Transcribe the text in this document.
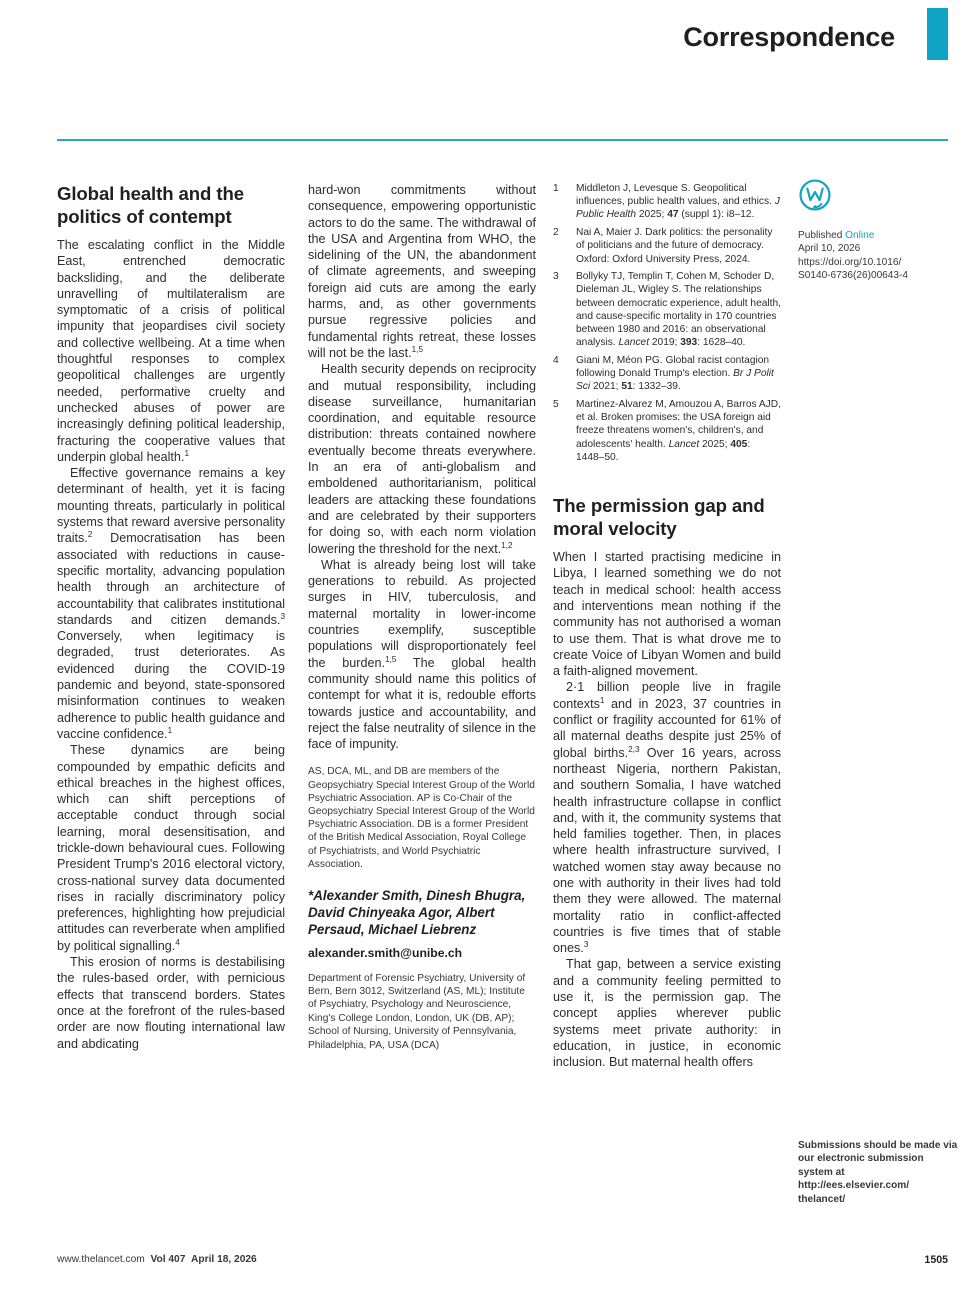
Correspondence
Global health and the politics of contempt

The escalating conflict in the Middle East, entrenched democratic backsliding, and the deliberate unravelling of multilateralism are symptomatic of a crisis of political impunity that jeopardises civil society and collective wellbeing. At a time when thoughtful responses to complex geopolitical challenges are urgently needed, performative cruelty and unchecked abuses of power are increasingly defining political leadership, fracturing the cooperative values that underpin global health.$^1$

Effective governance remains a key determinant of health, yet it is facing mounting threats, particularly in political systems that reward aversive personality traits.$^2$ Democratisation has been associated with reductions in cause-specific mortality, advancing population health through an architecture of accountability that calibrates institutional standards and citizen demands.$^3$ Conversely, when legitimacy is degraded, trust deteriorates. As evidenced during the COVID-19 pandemic and beyond, state-sponsored misinformation continues to weaken adherence to public health guidance and vaccine confidence.$^1$

These dynamics are being compounded by empathic deficits and ethical breaches in the highest offices, which can shift perceptions of acceptable conduct through social learning, moral desensitisation, and trickle-down behavioural cues. Following President Trump's 2016 electoral victory, cross-national survey data documented rises in racially discriminatory policy preferences, highlighting how prejudicial attitudes can reverberate when amplified by political signalling.$^4$

This erosion of norms is destabilising the rules-based order, with pernicious effects that transcend borders. States once at the forefront of the rules-based order are now flouting international law and abdicating

hard-won commitments without consequence, empowering opportunistic actors to do the same. The withdrawal of the USA and Argentina from WHO, the sidelining of the UN, the abandonment of climate agreements, and sweeping foreign aid cuts are among the early harms, and, as other governments pursue regressive policies and fundamental rights retreat, these losses will not be the last.$^{1,5}$

Health security depends on reciprocity and mutual responsibility, including disease surveillance, humanitarian coordination, and equitable resource distribution: threats contained nowhere eventually become threats everywhere. In an era of anti-globalism and emboldened authoritarianism, political leaders are attacking these foundations and are celebrated by their supporters for doing so, with each norm violation lowering the threshold for the next.$^{1,2}$

What is already being lost will take generations to rebuild. As projected surges in HIV, tuberculosis, and maternal mortality in lower-income countries exemplify, susceptible populations will disproportionately feel the burden.$^{1,5}$ The global health community should name this politics of contempt for what it is, redouble efforts towards justice and accountability, and reject the false neutrality of silence in the face of impunity.

AS, DCA, ML, and DB are members of the Geopsychiatry Special Interest Group of the World Psychiatric Association. AP is Co-Chair of the Geopsychiatry Special Interest Group of the World Psychiatric Association. DB is a former President of the British Medical Association, Royal College of Psychiatrists, and World Psychiatric Association.

*Alexander Smith, Dinesh Bhugra, David Chinyeaka Agor, Albert Persaud, Michael Liebrenz

alexander.smith@unibe.ch

Department of Forensic Psychiatry, University of Bern, Bern 3012, Switzerland (AS, ML); Institute of Psychiatry, Psychology and Neuroscience, King's College London, London, UK (DB, AP); School of Nursing, University of Pennsylvania, Philadelphia, PA, USA (DCA)

1	Middleton J, Levesque S. Geopolitical influences, public health values, and ethics. J Public Health 2025; 47 (suppl 1): i8–12.
2	Nai A, Maier J. Dark politics: the personality of politicians and the future of democracy. Oxford: Oxford University Press, 2024.
3	Bollyky TJ, Templin T, Cohen M, Schoder D, Dieleman JL, Wigley S. The relationships between democratic experience, adult health, and cause-specific mortality in 170 countries between 1980 and 2016: an observational analysis. Lancet 2019; 393: 1628–40.
4	Giani M, Méon PG. Global racist contagion following Donald Trump's election. Br J Polit Sci 2021; 51: 1332–39.
5	Martinez-Alvarez M, Amouzou A, Barros AJD, et al. Broken promises: the USA foreign aid freeze threatens women's, children's, and adolescents' health. Lancet 2025; 405: 1448–50.
The permission gap and moral velocity

When I started practising medicine in Libya, I learned something we do not teach in medical school: health access and interventions mean nothing if the community has not authorised a woman to use them. That is what drove me to create Voice of Libyan Women and build a faith-aligned movement.

2·1 billion people live in fragile contexts$^1$ and in 2023, 37 countries in conflict or fragility accounted for 61% of all maternal deaths despite just 25% of global births.$^{2,3}$ Over 16 years, across northeast Nigeria, northern Pakistan, and southern Somalia, I have watched health infrastructure collapse in conflict and, with it, the community systems that held families together. Then, in places where health infrastructure survived, I watched women stay away because no one with authority in their lives had told them they were allowed. The maternal mortality ratio in conflict-affected countries is five times that of stable ones.$^3$

That gap, between a service existing and a community feeling permitted to use it, is the permission gap. The concept applies wherever public systems meet private authority: in education, in justice, in economic inclusion. But maternal health offers

Published Online
April 10, 2026
https://doi.org/10.1016/
S0140-6736(26)00643-4
Submissions should be made via our electronic submission system at http://ees.elsevier.com/ thelancet/
www.thelancet.com Vol 407 April 18, 2026	1505
